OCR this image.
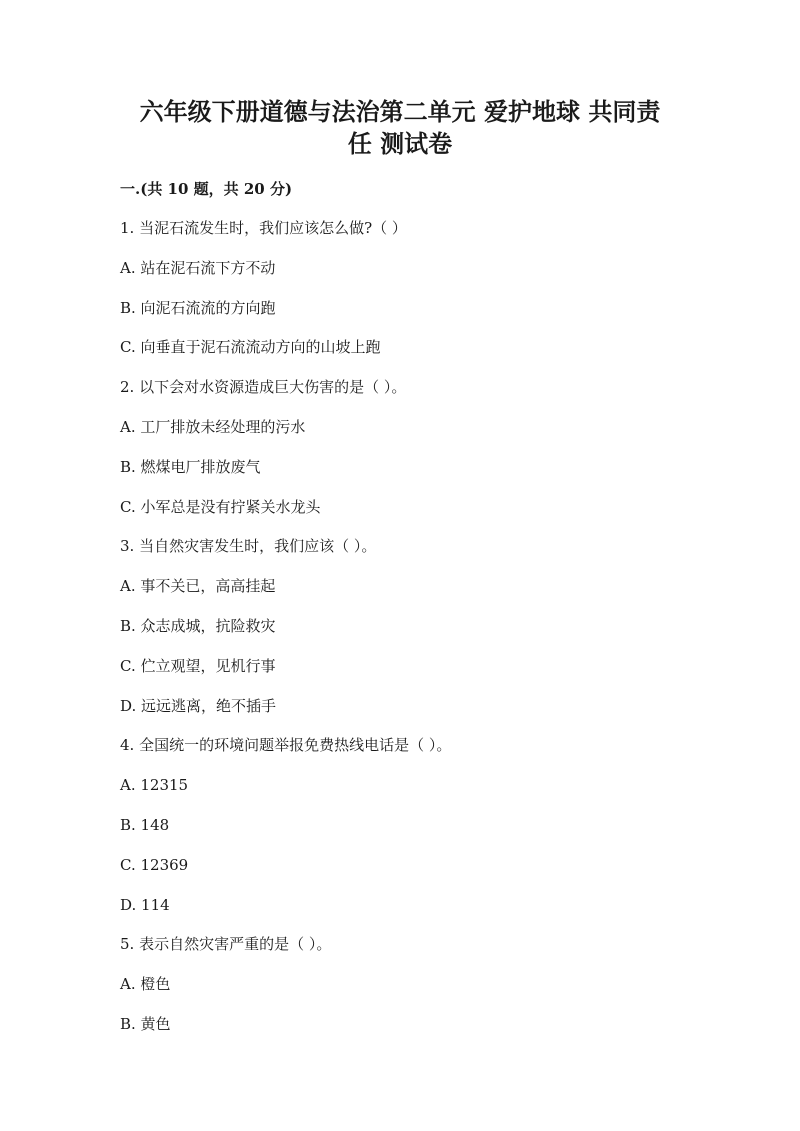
六年级下册道德与法治第二单元 爱护地球 共同责
任 测试卷
一.(共 10 题，共 20 分)
1. 当泥石流发生时，我们应该怎么做?（ ）
A. 站在泥石流下方不动
B. 向泥石流流的方向跑
C. 向垂直于泥石流流动方向的山坡上跑
2. 以下会对水资源造成巨大伤害的是（ ）。
A. 工厂排放未经处理的污水
B. 燃煤电厂排放废气
C. 小军总是没有拧紧关水龙头
3. 当自然灾害发生时，我们应该（ ）。
A. 事不关已，高高挂起
B. 众志成城，抗险救灾
C. 伫立观望，见机行事
D. 远远逃离，绝不插手
4. 全国统一的环境问题举报免费热线电话是（ ）。
A. 12315
B. 148
C. 12369
D. 114
5. 表示自然灾害严重的是（ ）。
A. 橙色
B. 黄色
